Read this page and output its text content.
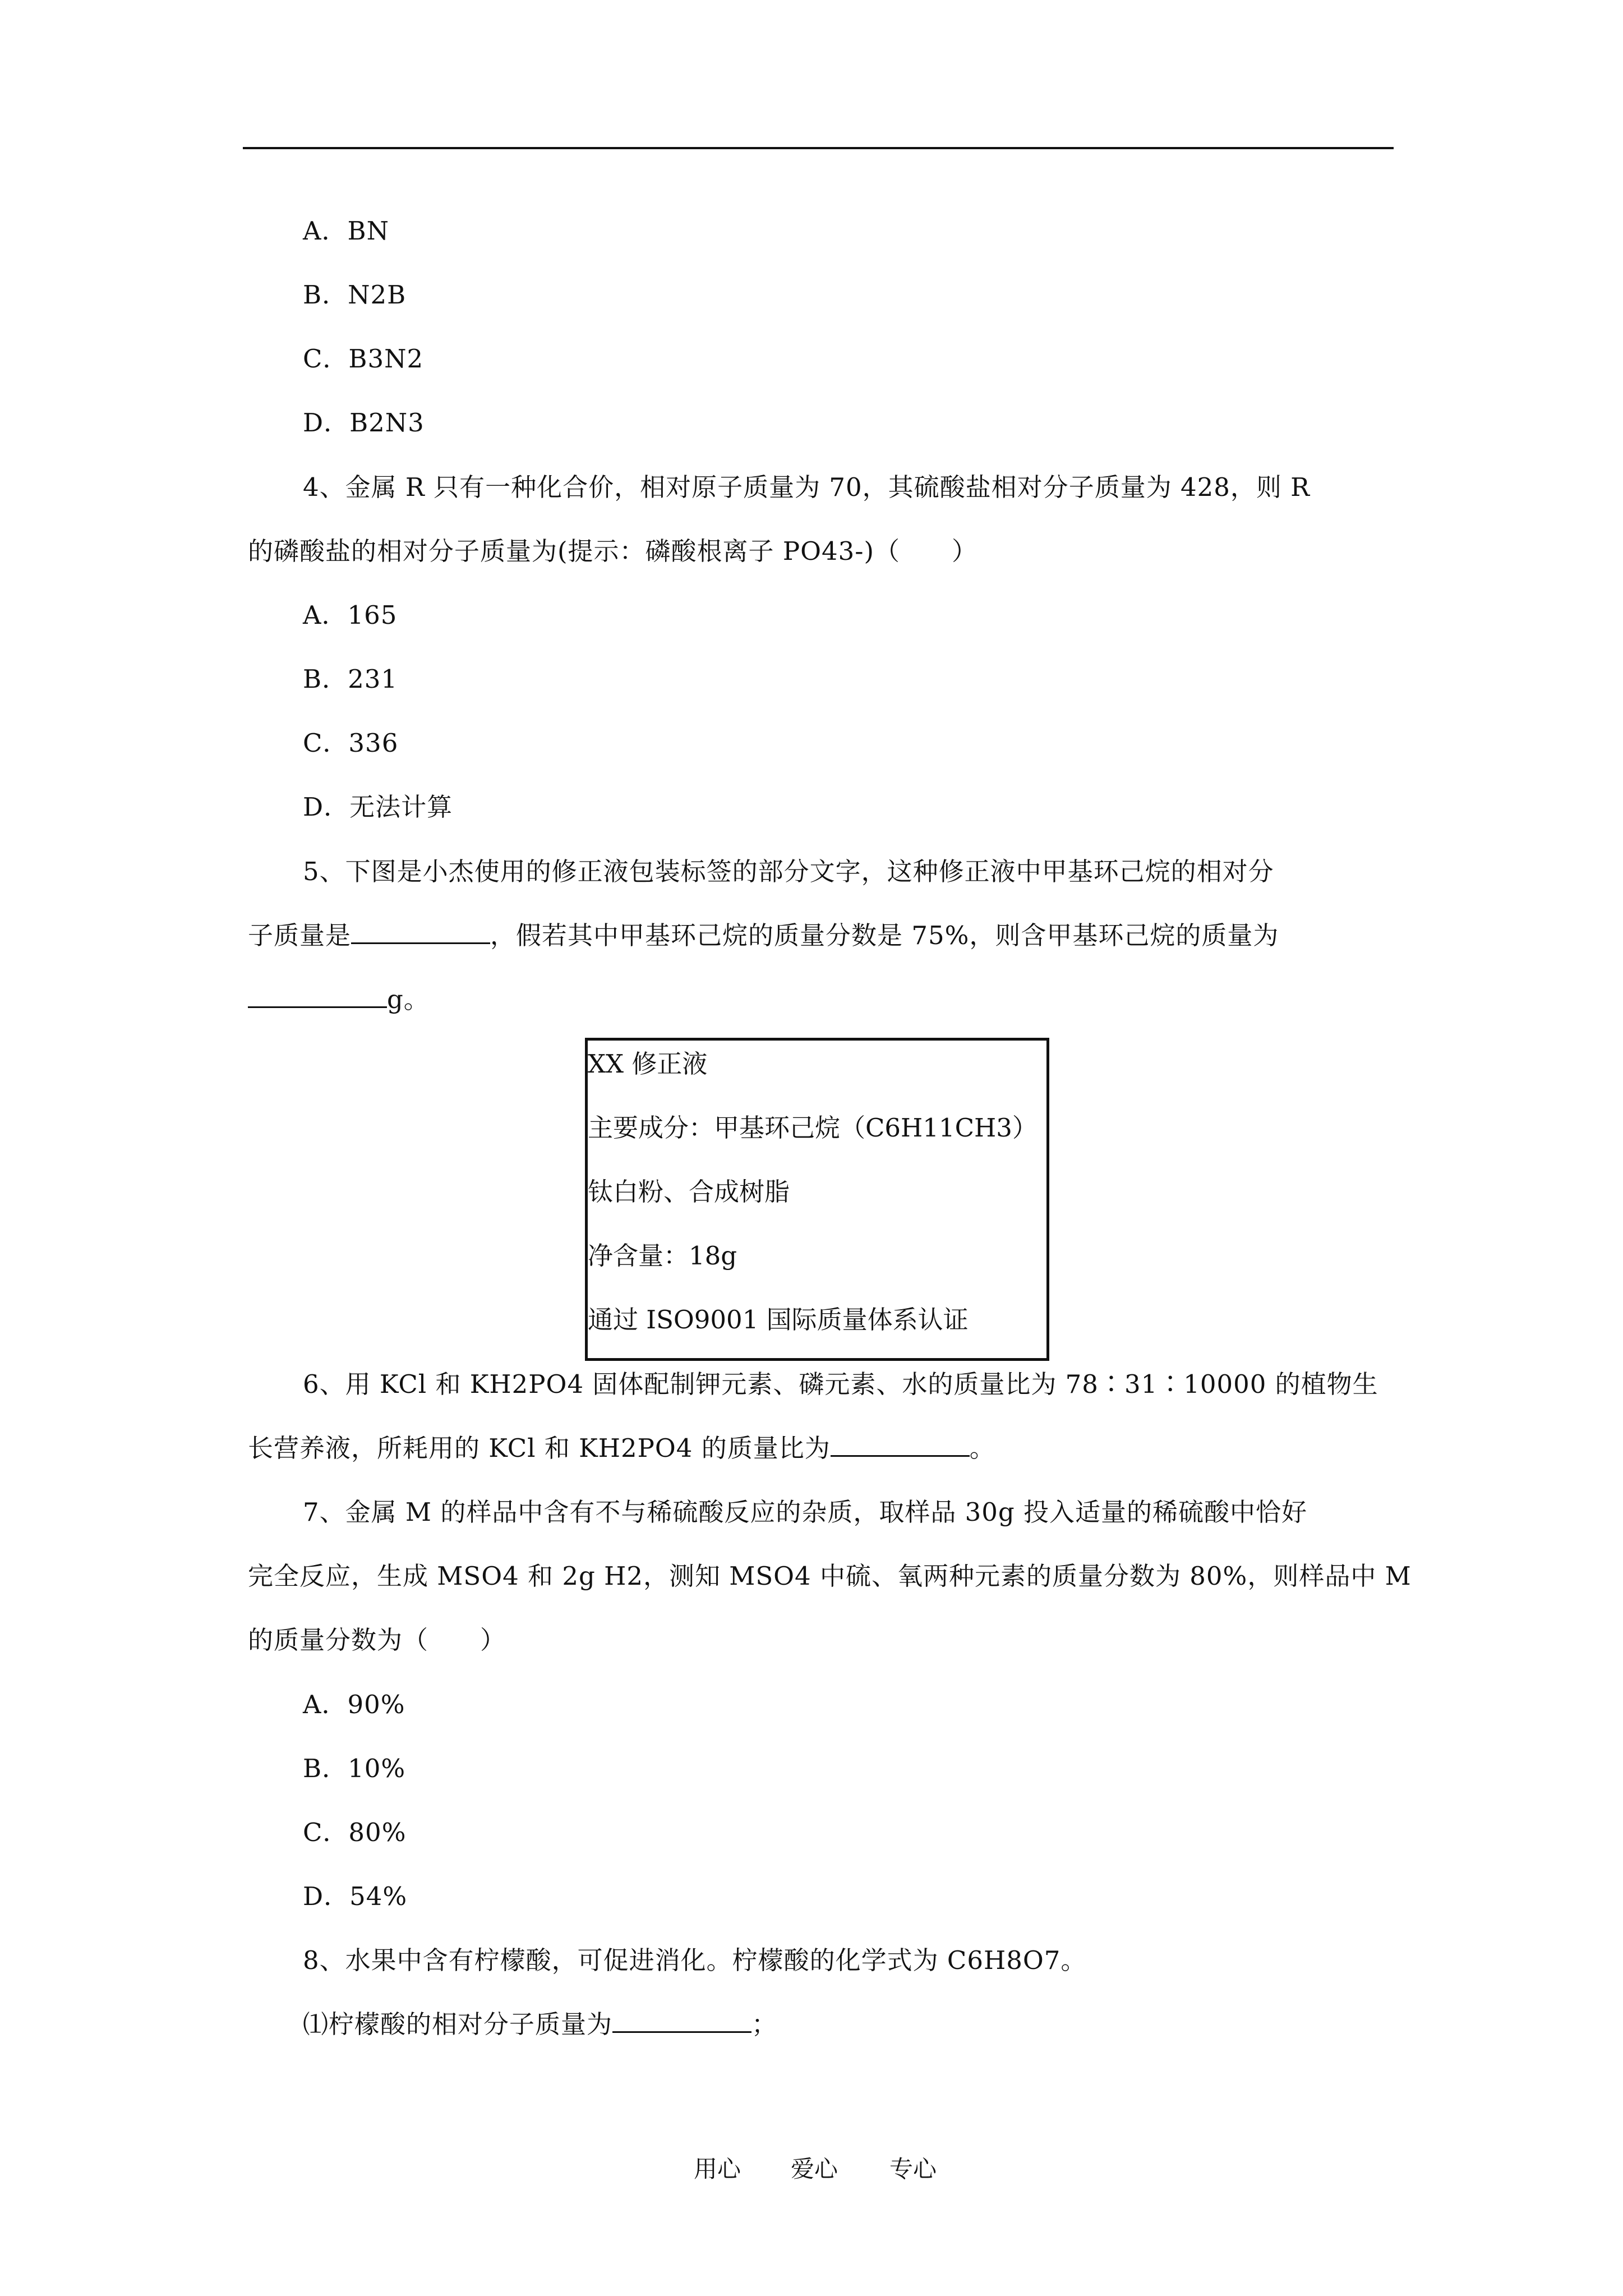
A．BN
B．N2B
C．B3N2
D．B2N3
4、金属 R 只有一种化合价，相对原子质量为 70，其硫酸盐相对分子质量为 428，则 R
的磷酸盐的相对分子质量为(提示：磷酸根离子 PO43-)（　　）
A．165
B．231
C．336
D．无法计算
5、下图是小杰使用的修正液包装标签的部分文字，这种修正液中甲基环己烷的相对分
子质量是	，假若其中甲基环己烷的质量分数是 75%，则含甲基环己烷的质量为
g。
XX 修正液
主要成分：甲基环己烷（C6H11CH3）
钛白粉、合成树脂
净含量：18g
通过 ISO9001 国际质量体系认证
6、用 KCl 和 KH2PO4 固体配制钾元素、磷元素、水的质量比为 78∶31∶10000 的植物生
长营养液，所耗用的 KCl 和 KH2PO4 的质量比为	。
7、金属 M 的样品中含有不与稀硫酸反应的杂质，取样品 30g 投入适量的稀硫酸中恰好
完全反应，生成 MSO4 和 2g H2，测知 MSO4 中硫、氧两种元素的质量分数为 80%，则样品中 M
的质量分数为（　　）
A．90%
B．10%
C．80%
D．54%
8、水果中含有柠檬酸，可促进消化。柠檬酸的化学式为 C6H8O7。
⑴柠檬酸的相对分子质量为	；
用心 爱心 专心
